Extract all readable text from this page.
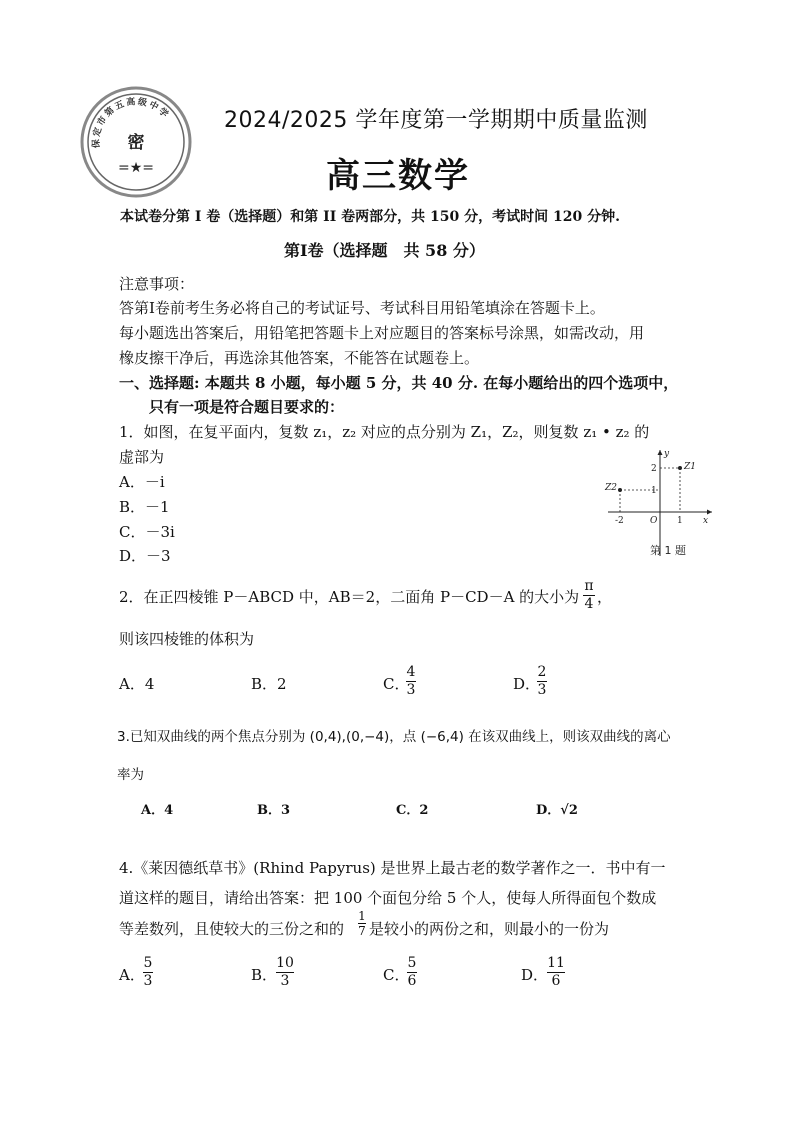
保定市第五高级中学
密
=★=
2024/2025 学年度第一学期期中质量监测
高三数学
本试卷分第 I 卷（选择题）和第 II 卷两部分，共 150 分，考试时间 120 分钟.
第Ⅰ卷（选择题　共 58 分）
注意事项：
答第Ⅰ卷前考生务必将自己的考试证号、考试科目用铅笔填涂在答题卡上。
每小题选出答案后，用铅笔把答题卡上对应题目的答案标号涂黑，如需改动，用
橡皮擦干净后，再选涂其他答案，不能答在试题卷上。
一、选择题: 本题共 8 小题，每小题 5 分，共 40 分. 在每小题给出的四个选项中，
只有一项是符合题目要求的：
1．如图，在复平面内，复数 z₁，z₂ 对应的点分别为 Z₁，Z₂，则复数 z₁ • z₂ 的
虚部为
A．－i
B．－1
C．－3i
D．－3
y
x
O
Z2
Z1
-2	1
1
2
第 1 题
2．在正四棱锥 P－ABCD 中，AB＝2，二面角 P－CD－A 的大小为
π
4 ，
则该四棱锥的体积为
A．4	B．2	C．
4
3	D．
2
3
3.已知双曲线的两个焦点分别为 (0,4),(0,−4)，点 (−6,4) 在该双曲线上，则该双曲线的离心
率为
A．4	B．3	C．2	D．√2
4.《莱因德纸草书》(Rhind Papyrus) 是世界上最古老的数学著作之一．书中有一
道这样的题目，请给出答案：把 100 个面包分给 5 个人，使每人所得面包个数成
等差数列，且使较大的三份之和的
1
7 是较小的两份之和，则最小的一份为
A．
5
3	B．
10
3	C．
5
6	D．
11
6
